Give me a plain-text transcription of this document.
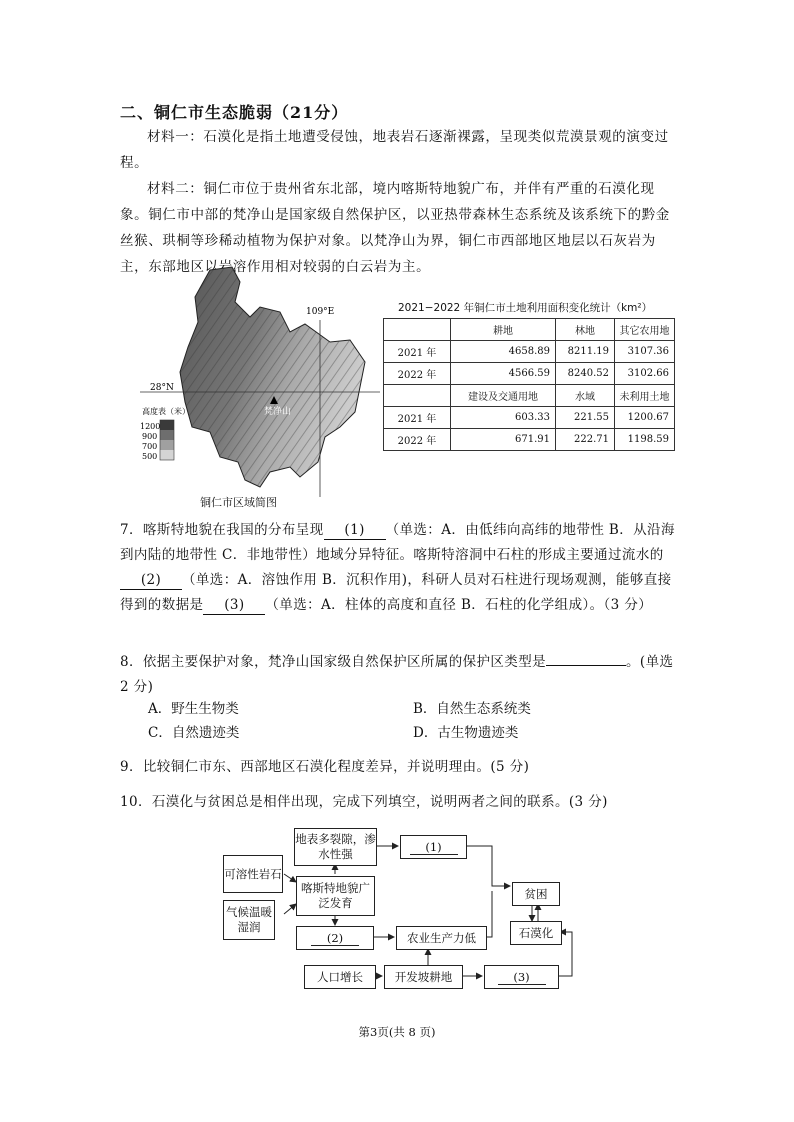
二、铜仁市生态脆弱（21分）
材料一：石漠化是指土地遭受侵蚀，地表岩石逐渐裸露，呈现类似荒漠景观的演变过程。
材料二：铜仁市位于贵州省东北部，境内喀斯特地貌广布，并伴有严重的石漠化现象。铜仁市中部的梵净山是国家级自然保护区，以亚热带森林生态系统及该系统下的黔金丝猴、珙桐等珍稀动植物为保护对象。以梵净山为界，铜仁市西部地区地层以石灰岩为主，东部地区以岩溶作用相对较弱的白云岩为主。
109°E
28°N
梵净山
高度表（米）
1200
900
700
500
铜仁市区域简图
2021−2022 年铜仁市土地利用面积变化统计（km²）
	耕地	林地	其它农用地
2021 年	4658.89	8211.19	3107.36
2022 年	4566.59	8240.52	3102.66
	建设及交通用地	水域	未利用土地
2021 年	603.33	221.55	1200.67
2022 年	671.91	222.71	1198.59
7．喀斯特地貌在我国的分布呈现 (1) （单选：A．由低纬向高纬的地带性 B．从沿海到内陆的地带性 C．非地带性）地域分异特征。喀斯特溶洞中石柱的形成主要通过流水的(2) （单选：A．溶蚀作用 B．沉积作用)，科研人员对石柱进行现场观测，能够直接得到的数据是 (3) （单选：A．柱体的高度和直径 B．石柱的化学组成）。（3 分）
8．依据主要保护对象，梵净山国家级自然保护区所属的保护区类型是	。(单选 2 分)
A．野生生物类	B．自然生态系统类
C．自然遗迹类	D．古生物遗迹类
9．比较铜仁市东、西部地区石漠化程度差异，并说明理由。(5 分)
10．石漠化与贫困总是相伴出现，完成下列填空，说明两者之间的联系。(3 分)
可溶性岩石
气候温暖湿润
喀斯特地貌广泛发育
地表多裂隙，渗水性强
(1)
(2)	农业生产力低
贫困
石漠化
人口增长	开发坡耕地	(3)
第3页(共 8 页)
